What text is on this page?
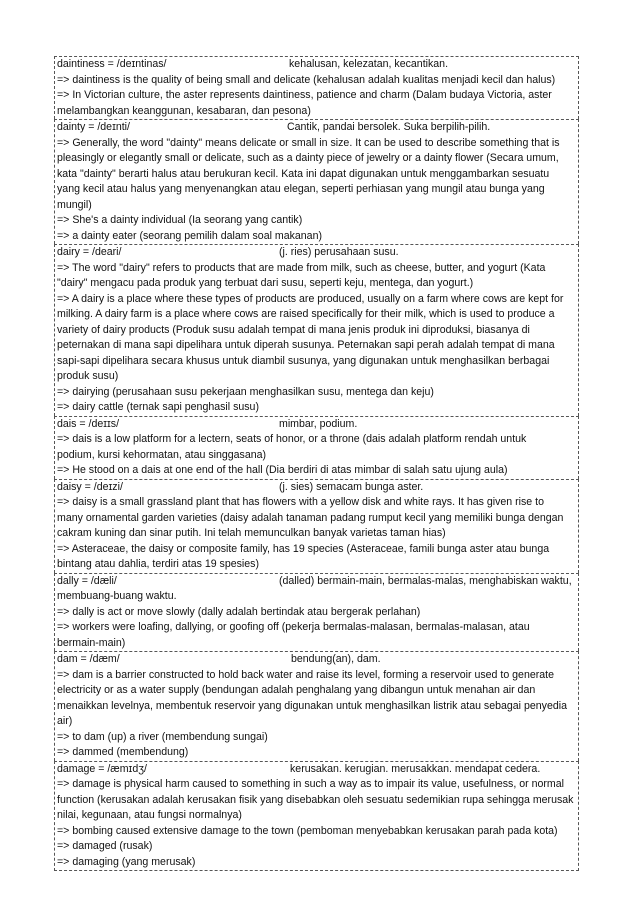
daintiness = /deɪntinas/	kehalusan, kelezatan, kecantikan.
=> daintiness is the quality of being small and delicate (kehalusan adalah kualitas menjadi kecil dan halus)
=> In Victorian culture, the aster represents daintiness, patience and charm (Dalam budaya Victoria, aster
melambangkan keanggunan, kesabaran, dan pesona)
dainty = /deɪnti/	Cantik, pandai bersolek. Suka berpilih-pilih.
=> Generally, the word "dainty" means delicate or small in size. It can be used to describe something that is
pleasingly or elegantly small or delicate, such as a dainty piece of jewelry or a dainty flower (Secara umum,
kata "dainty" berarti halus atau berukuran kecil. Kata ini dapat digunakan untuk menggambarkan sesuatu
yang kecil atau halus yang menyenangkan atau elegan, seperti perhiasan yang mungil atau bunga yang
mungil)
=> She's a dainty individual (Ia seorang yang cantik)
=> a dainty eater (seorang pemilih dalam soal makanan)
dairy = /deari/	(j. ries) perusahaan susu.
=> The word "dairy" refers to products that are made from milk, such as cheese, butter, and yogurt (Kata
"dairy" mengacu pada produk yang terbuat dari susu, seperti keju, mentega, dan yogurt.)
=> A dairy is a place where these types of products are produced, usually on a farm where cows are kept for
milking. A dairy farm is a place where cows are raised specifically for their milk, which is used to produce a
variety of dairy products (Produk susu adalah tempat di mana jenis produk ini diproduksi, biasanya di
peternakan di mana sapi dipelihara untuk diperah susunya. Peternakan sapi perah adalah tempat di mana
sapi-sapi dipelihara secara khusus untuk diambil susunya, yang digunakan untuk menghasilkan berbagai
produk susu)
=> dairying (perusahaan susu pekerjaan menghasilkan susu, mentega dan keju)
=> dairy cattle (ternak sapi penghasil susu)
dais = /deɪɪs/	mimbar, podium.
=> dais is a low platform for a lectern, seats of honor, or a throne (dais adalah platform rendah untuk
podium, kursi kehormatan, atau singgasana)
=> He stood on a dais at one end of the hall (Dia berdiri di atas mimbar di salah satu ujung aula)
daisy = /deɪzi/	(j. sies) semacam bunga aster.
=> daisy is a small grassland plant that has flowers with a yellow disk and white rays. It has given rise to
many ornamental garden varieties (daisy adalah tanaman padang rumput kecil yang memiliki bunga dengan
cakram kuning dan sinar putih. Ini telah memunculkan banyak varietas taman hias)
=> Asteraceae, the daisy or composite family, has 19 species (Asteraceae, famili bunga aster atau bunga
bintang atau dahlia, terdiri atas 19 spesies)
dally = /dæli/	(dalled) bermain-main, bermalas-malas, menghabiskan waktu,
membuang-buang waktu.
=> dally is act or move slowly (dally adalah bertindak atau bergerak perlahan)
=> workers were loafing, dallying, or goofing off (pekerja bermalas-malasan, bermalas-malasan, atau
bermain-main)
dam = /dæm/	bendung(an), dam.
=> dam is a barrier constructed to hold back water and raise its level, forming a reservoir used to generate
electricity or as a water supply (bendungan adalah penghalang yang dibangun untuk menahan air dan
menaikkan levelnya, membentuk reservoir yang digunakan untuk menghasilkan listrik atau sebagai penyedia
air)
=> to dam (up) a river (membendung sungai)
=> dammed (membendung)
damage = /æmɪdʒ/	kerusakan. kerugian. merusakkan. mendapat cedera.
=> damage is physical harm caused to something in such a way as to impair its value, usefulness, or normal
function (kerusakan adalah kerusakan fisik yang disebabkan oleh sesuatu sedemikian rupa sehingga merusak
nilai, kegunaan, atau fungsi normalnya)
=> bombing caused extensive damage to the town (pemboman menyebabkan kerusakan parah pada kota)
=> damaged (rusak)
=> damaging (yang merusak)
